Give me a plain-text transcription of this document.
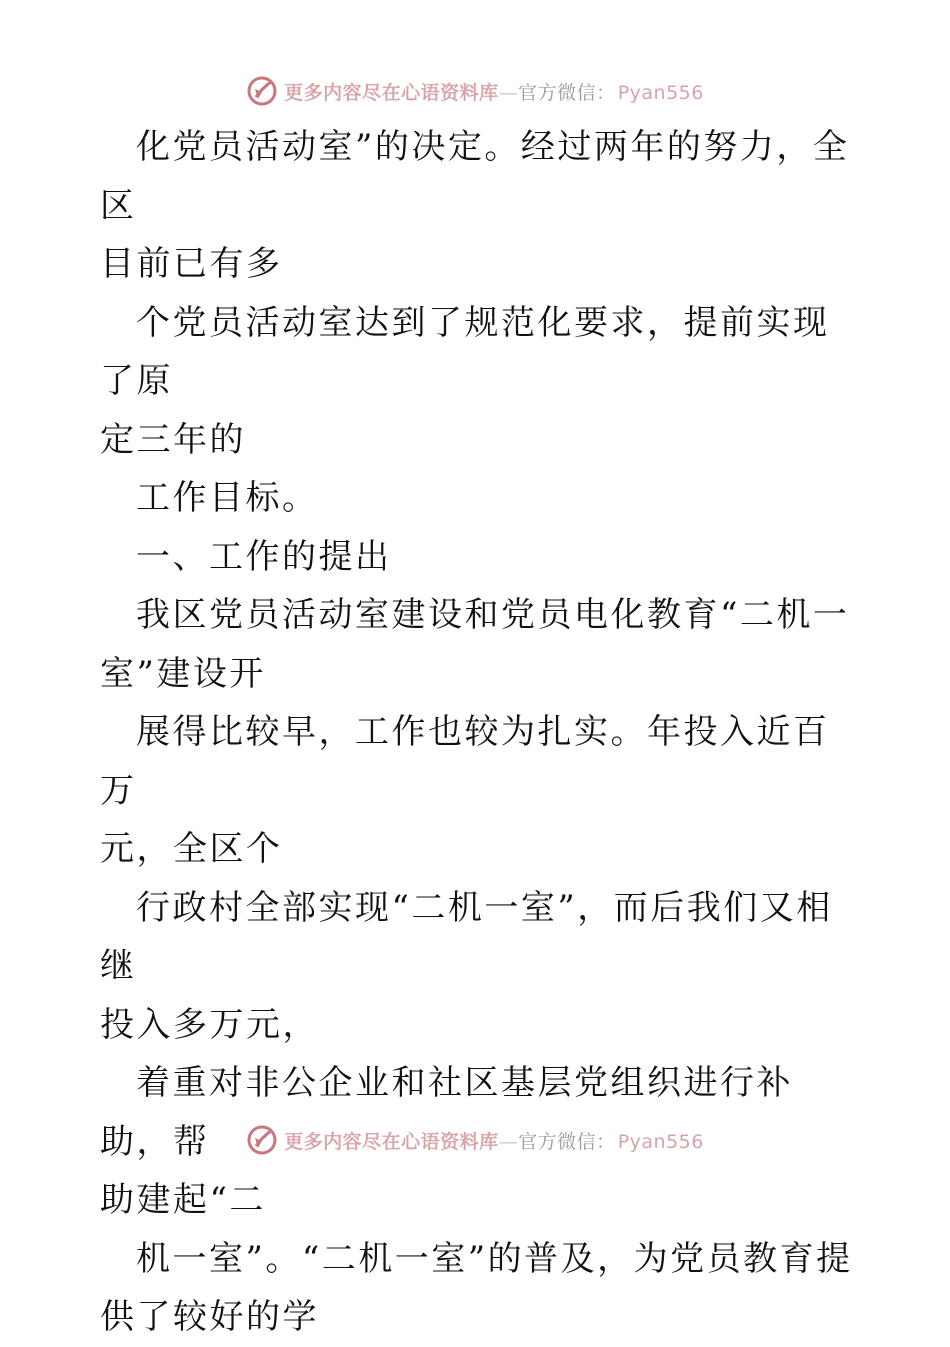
更多内容尽在心语资料库—官方微信： Pyan556

化党员活动室”的决定。经过两年的努力，全区
目前已有多

个党员活动室达到了规范化要求，提前实现了原
定三年的

工作目标。

一、工作的提出

我区党员活动室建设和党员电化教育“二机一
室”建设开

展得比较早，工作也较为扎实。年投入近百万
元，全区个

行政村全部实现“二机一室”，而后我们又相继
投入多万元，

着重对非公企业和社区基层党组织进行补助，帮
助建起“二

机一室”。“二机一室”的普及，为党员教育提
供了较好的学

更多内容尽在心语资料库—官方微信： Pyan556
